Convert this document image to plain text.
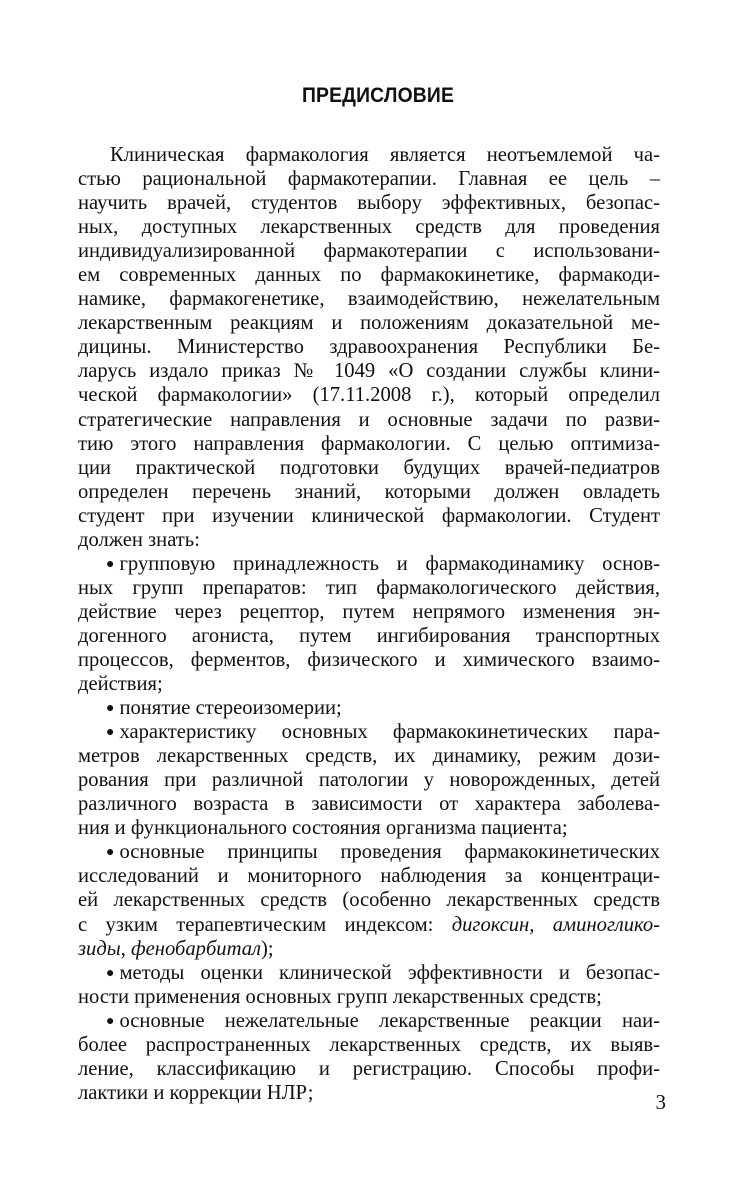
ПРЕДИСЛОВИЕ
Клиническая фармакология является неотъемлемой ча-
стью рациональной фармакотерапии. Главная ее цель –
научить врачей, студентов выбору эффективных, безопас-
ных, доступных лекарственных средств для проведения
индивидуализированной фармакотерапии с использовани-
ем современных данных по фармакокинетике, фармакоди-
намике, фармакогенетике, взаимодействию, нежелательным
лекарственным реакциям и положениям доказательной ме-
дицины. Министерство здравоохранения Республики Бе-
ларусь издало приказ № 1049 «О создании службы клини-
ческой фармакологии» (17.11.2008 г.), который определил
стратегические направления и основные задачи по разви-
тию этого направления фармакологии. С целью оптимиза-
ции практической подготовки будущих врачей-педиатров
определен перечень знаний, которыми должен овладеть
студент при изучении клинической фармакологии. Студент
должен знать:
● групповую принадлежность и фармакодинамику основ-
ных групп препаратов: тип фармакологического действия,
действие через рецептор, путем непрямого изменения эн-
догенного агониста, путем ингибирования транспортных
процессов, ферментов, физического и химического взаимо-
действия;
● понятие стереоизомерии;
● характеристику основных фармакокинетических пара-
метров лекарственных средств, их динамику, режим дози-
рования при различной патологии у новорожденных, детей
различного возраста в зависимости от характера заболева-
ния и функционального состояния организма пациента;
● основные принципы проведения фармакокинетических
исследований и мониторного наблюдения за концентраци-
ей лекарственных средств (особенно лекарственных средств
с узким терапевтическим индексом: дигоксин, аминоглико-
зиды, фенобарбитал);
● методы оценки клинической эффективности и безопас-
ности применения основных групп лекарственных средств;
● основные нежелательные лекарственные реакции наи-
более распространенных лекарственных средств, их выяв-
ление, классификацию и регистрацию. Способы профи-
лактики и коррекции НЛР;	3
